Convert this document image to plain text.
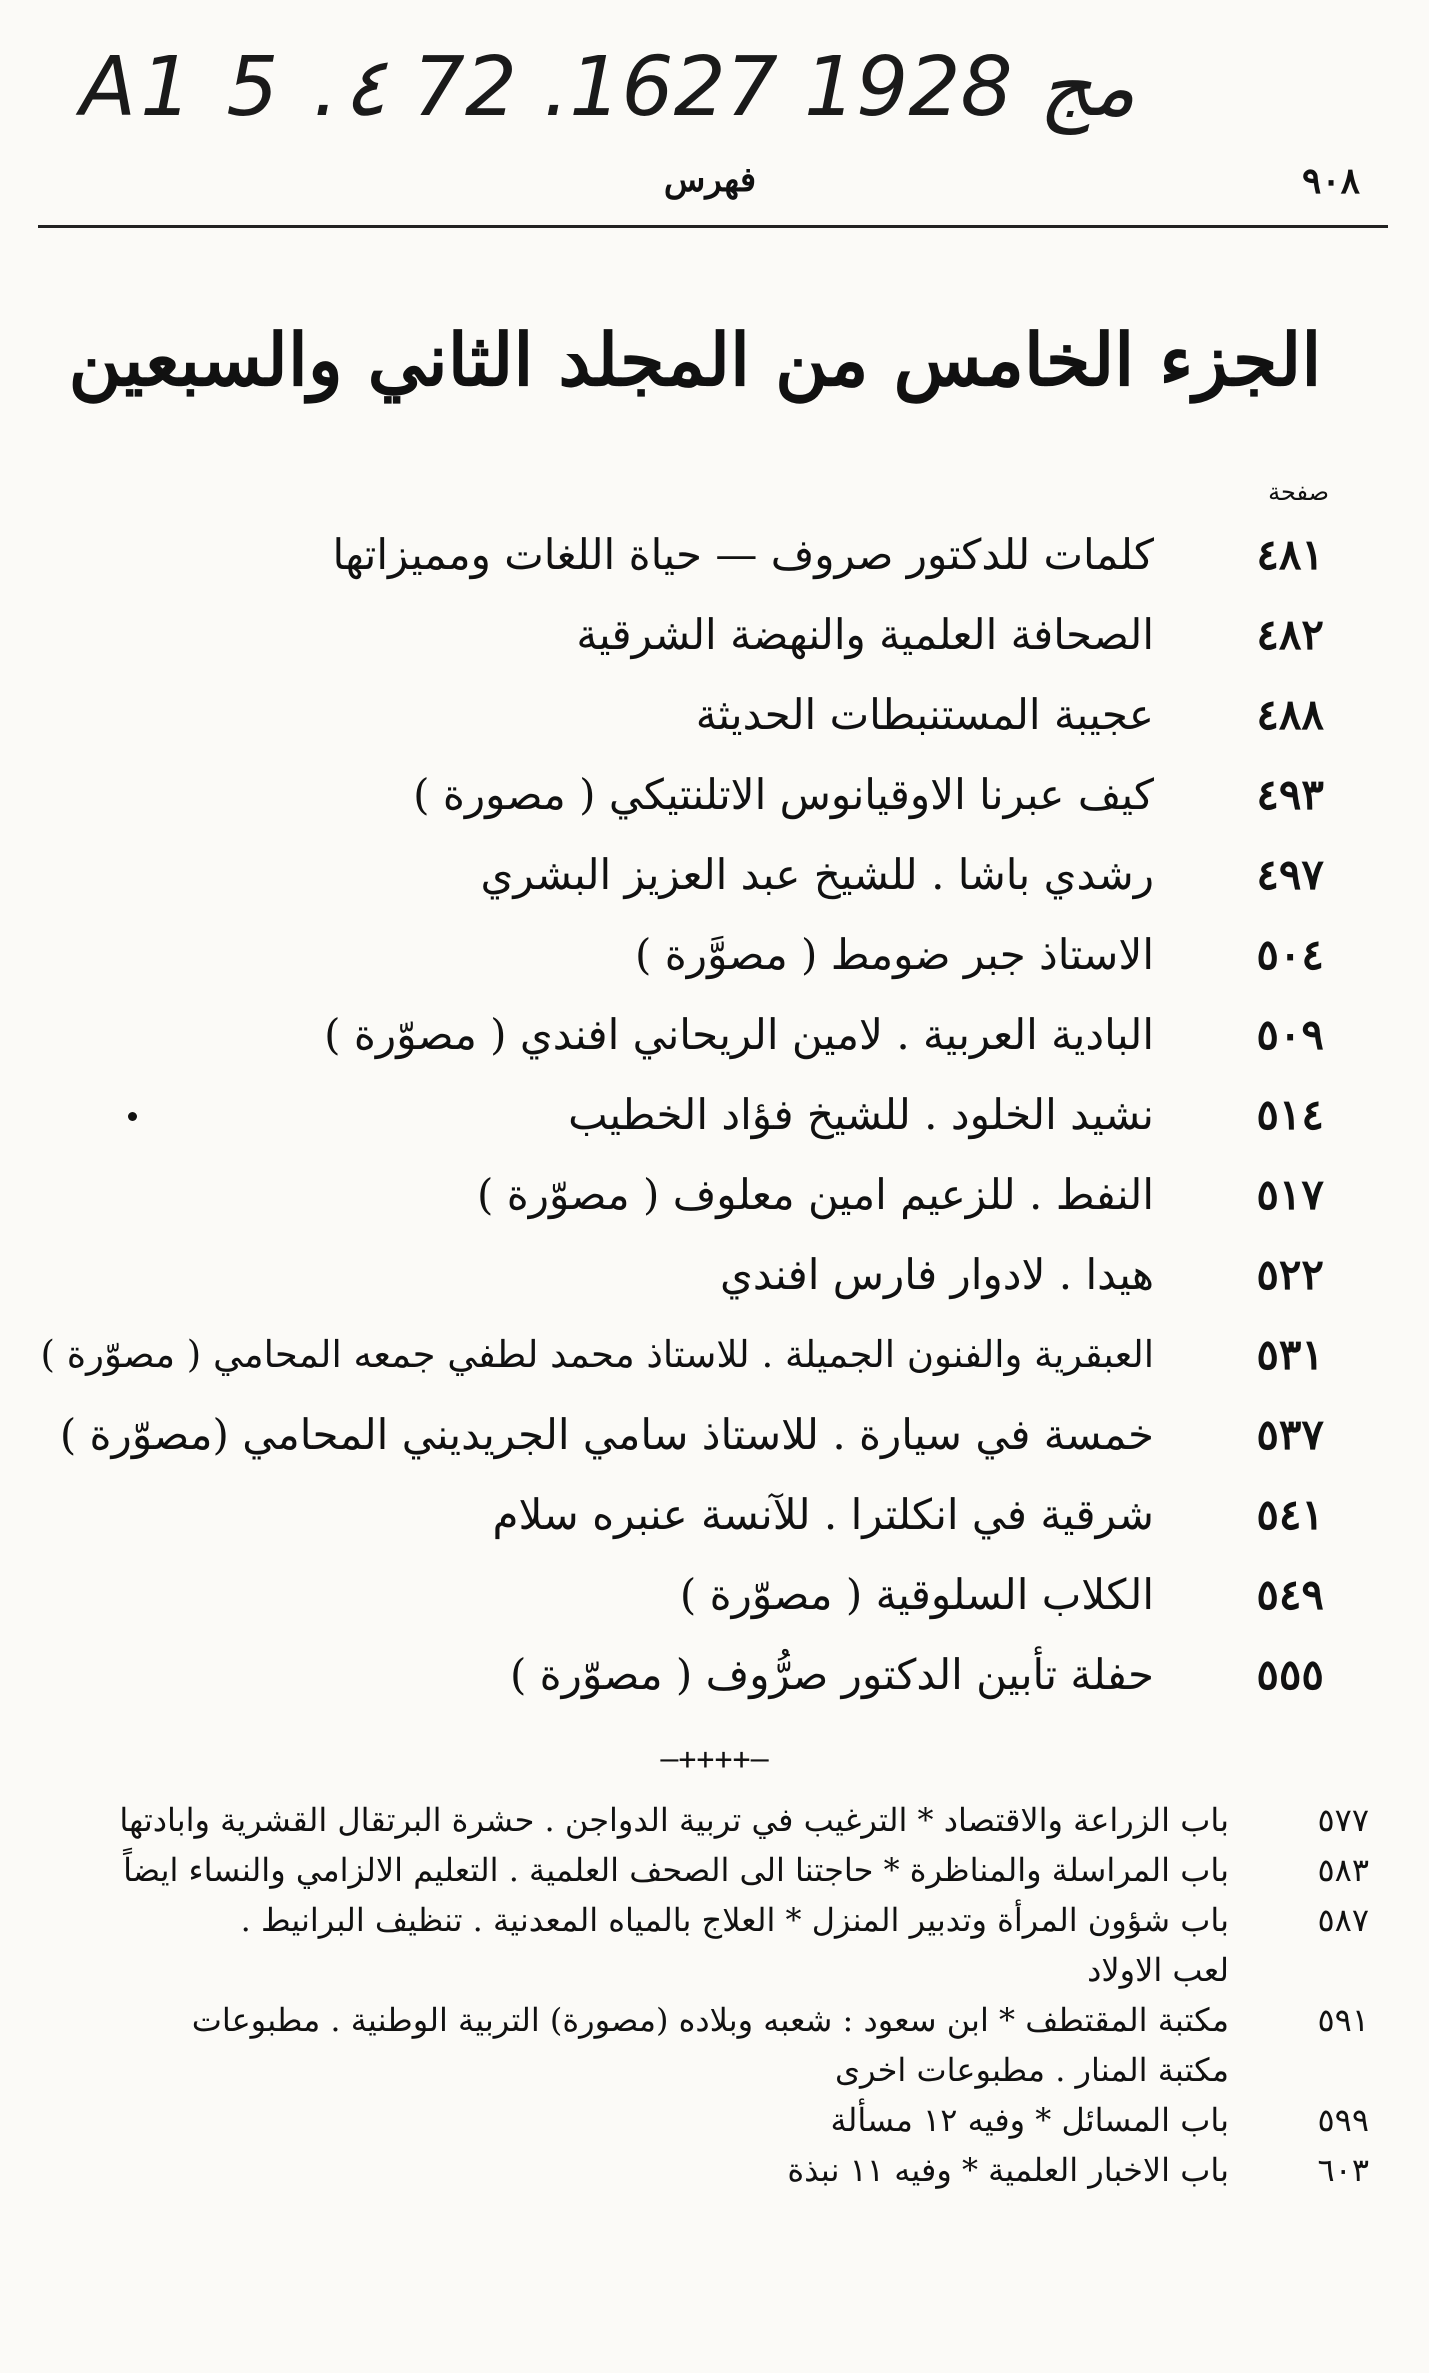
A1 5 .٤ 72 .مج 1928 1627
٩٠٨
فهرس
الجزء الخامس من المجلد الثاني والسبعين
صفحة
٤٨١
كلمات للدكتور صروف — حياة اللغات ومميزاتها
٤٨٢
الصحافة العلمية والنهضة الشرقية
٤٨٨
عجيبة المستنبطات الحديثة
٤٩٣
كيف عبرنا الاوقيانوس الاتلنتيكي ( مصورة )
٤٩٧
رشدي باشا . للشيخ عبد العزيز البشري
٥٠٤
الاستاذ جبر ضومط ( مصوَّرة )
٥٠٩
البادية العربية . لامين الريحاني افندي ( مصوّرة )
٥١٤
نشيد الخلود . للشيخ فؤاد الخطيب
٥١٧
النفط . للزعيم امين معلوف ( مصوّرة )
٥٢٢
هيدا . لادوار فارس افندي
٥٣١
العبقرية والفنون الجميلة . للاستاذ محمد لطفي جمعه المحامي ( مصوّرة )
٥٣٧
خمسة في سيارة . للاستاذ سامي الجريديني المحامي (مصوّرة )
٥٤١
شرقية في انكلترا . للآنسة عنبره سلام
٥٤٩
الكلاب السلوقية ( مصوّرة )
٥٥٥
حفلة تأبين الدكتور صرُّوف ( مصوّرة )
—++++—
٥٧٧
باب الزراعة والاقتصاد * الترغيب في تربية الدواجن . حشرة البرتقال القشرية وابادتها
٥٨٣
باب المراسلة والمناظرة * حاجتنا الى الصحف العلمية . التعليم الالزامي والنساء ايضاً
٥٨٧
باب شؤون المرأة وتدبير المنزل * العلاج بالمياه المعدنية . تنظيف البرانيط .
لعب الاولاد
٥٩١
مكتبة المقتطف * ابن سعود : شعبه وبلاده (مصورة) التربية الوطنية . مطبوعات
مكتبة المنار . مطبوعات اخرى
٥٩٩
باب المسائل * وفيه ١٢ مسألة
٦٠٣
باب الاخبار العلمية * وفيه ١١ نبذة
